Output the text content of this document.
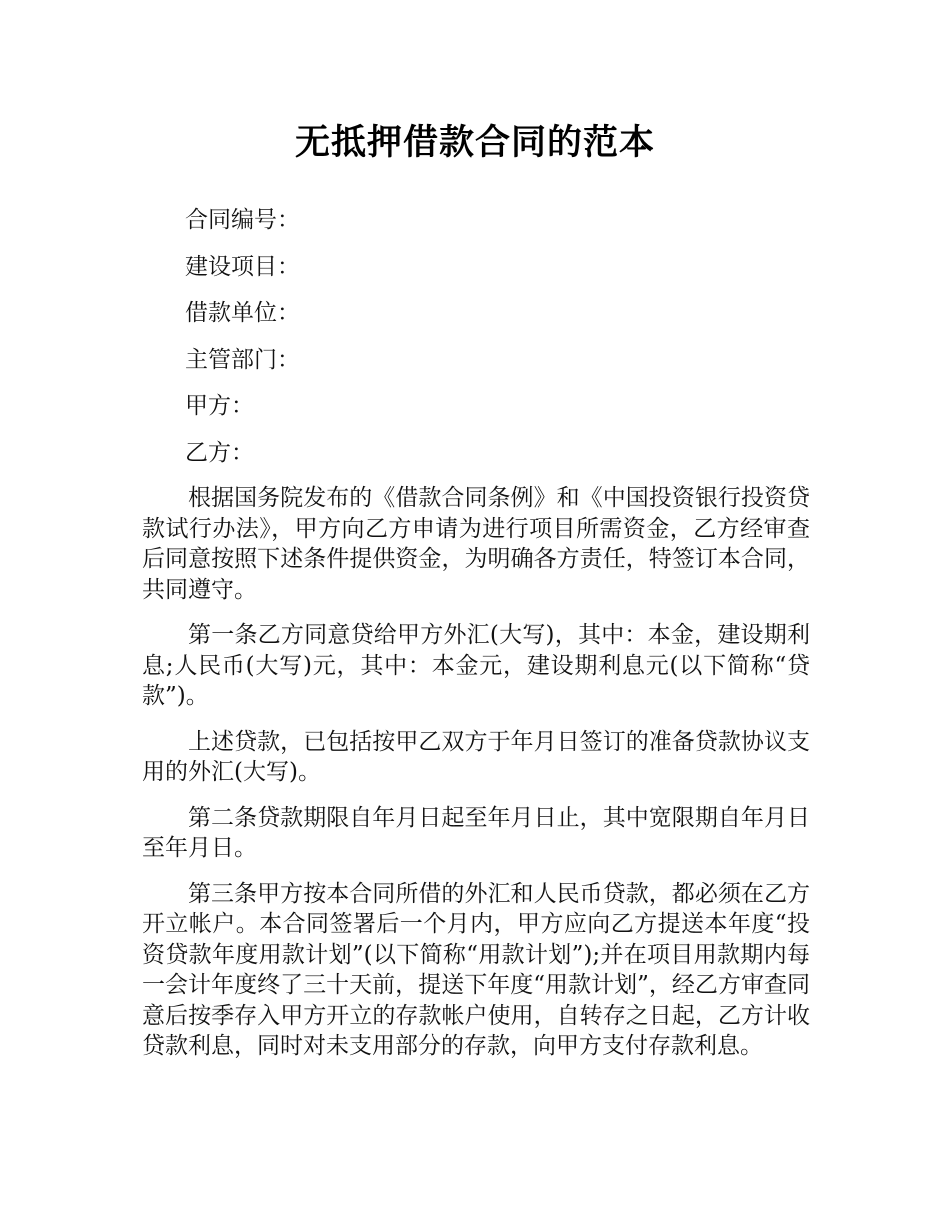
无抵押借款合同的范本
合同编号：
建设项目：
借款单位：
主管部门：
甲方：
乙方：

根据国务院发布的《借款合同条例》和《中国投资银行投资贷款试行办法》，甲方向乙方申请为进行项目所需资金，乙方经审查后同意按照下述条件提供资金，为明确各方责任，特签订本合同，共同遵守。

第一条乙方同意贷给甲方外汇(大写)，其中：本金，建设期利息;人民币(大写)元，其中：本金元，建设期利息元(以下简称“贷款”)。

上述贷款，已包括按甲乙双方于年月日签订的准备贷款协议支用的外汇(大写)。

第二条贷款期限自年月日起至年月日止，其中宽限期自年月日至年月日。

第三条甲方按本合同所借的外汇和人民币贷款，都必须在乙方开立帐户。本合同签署后一个月内，甲方应向乙方提送本年度“投资贷款年度用款计划”(以下简称“用款计划”);并在项目用款期内每一会计年度终了三十天前，提送下年度“用款计划”，经乙方审查同意后按季存入甲方开立的存款帐户使用，自转存之日起，乙方计收贷款利息，同时对未支用部分的存款，向甲方支付存款利息。
